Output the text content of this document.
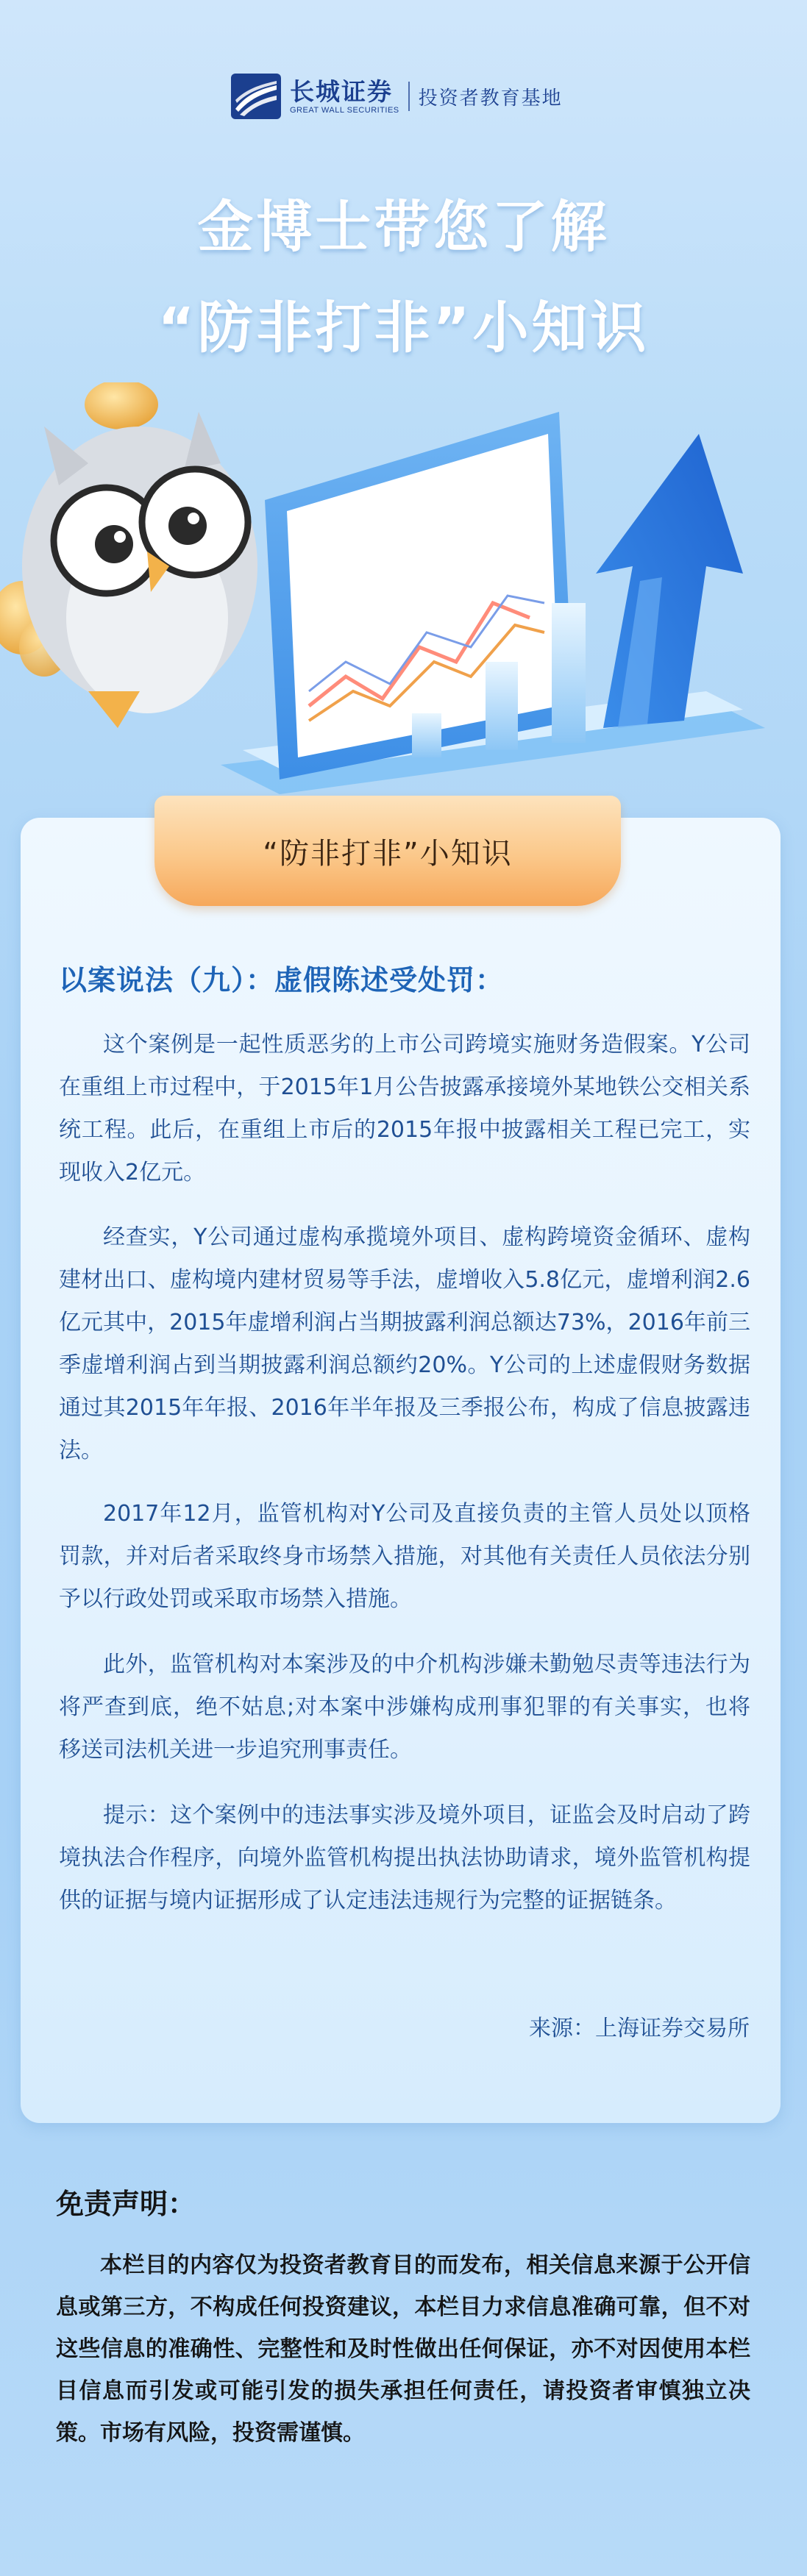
长城证券
GREAT WALL SECURITIES
投资者教育基地
金博士带您了解
“防非打非”小知识
“防非打非”小知识
以案说法（九）：虚假陈述受处罚：

这个案例是一起性质恶劣的上市公司跨境实施财务造假案。Y公司在重组上市过程中，于2015年1月公告披露承接境外某地铁公交相关系统工程。此后，在重组上市后的2015年报中披露相关工程已完工，实现收入2亿元。

经查实，Y公司通过虚构承揽境外项目、虚构跨境资金循环、虚构建材出口、虚构境内建材贸易等手法，虚增收入5.8亿元，虚增利润2.6亿元其中，2015年虚增利润占当期披露利润总额达73%，2016年前三季虚增利润占到当期披露利润总额约20%。Y公司的上述虚假财务数据通过其2015年年报、2016年半年报及三季报公布，构成了信息披露违法。

2017年12月，监管机构对Y公司及直接负责的主管人员处以顶格罚款，并对后者采取终身市场禁入措施，对其他有关责任人员依法分别予以行政处罚或采取市场禁入措施。

此外，监管机构对本案涉及的中介机构涉嫌未勤勉尽责等违法行为将严查到底，绝不姑息;对本案中涉嫌构成刑事犯罪的有关事实，也将移送司法机关进一步追究刑事责任。

提示：这个案例中的违法事实涉及境外项目，证监会及时启动了跨境执法合作程序，向境外监管机构提出执法协助请求，境外监管机构提供的证据与境内证据形成了认定违法违规行为完整的证据链条。

来源：上海证券交易所
免责声明：

本栏目的内容仅为投资者教育目的而发布，相关信息来源于公开信息或第三方，不构成任何投资建议，本栏目力求信息准确可靠，但不对这些信息的准确性、完整性和及时性做出任何保证，亦不对因使用本栏目信息而引发或可能引发的损失承担任何责任，请投资者审慎独立决策。市场有风险，投资需谨慎。
